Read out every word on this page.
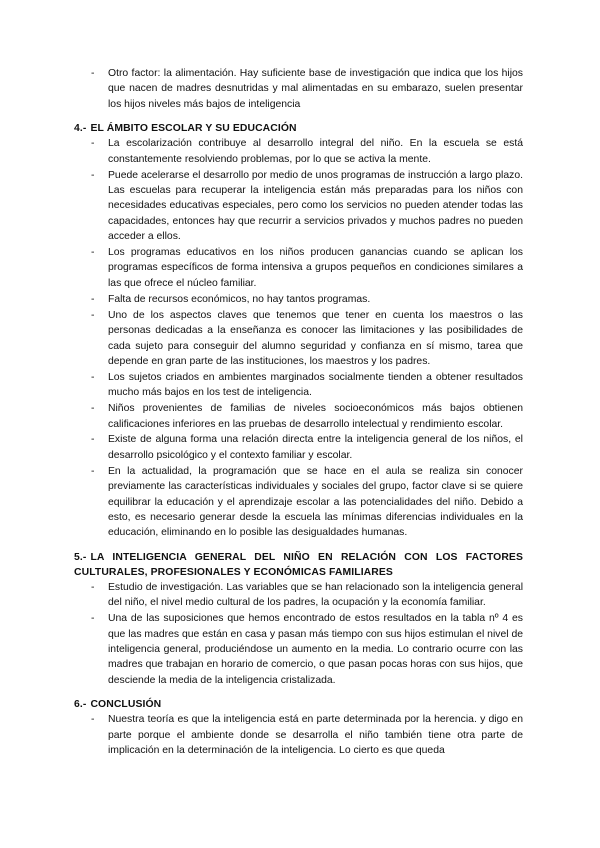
- Otro factor: la alimentación. Hay suficiente base de investigación que indica que los hijos que nacen de madres desnutridas y mal alimentadas en su embarazo, suelen presentar los hijos niveles más bajos de inteligencia
4.- EL ÁMBITO ESCOLAR Y SU EDUCACIÓN
- La escolarización contribuye al desarrollo integral del niño. En la escuela se está constantemente resolviendo problemas, por lo que se activa la mente.
- Puede acelerarse el desarrollo por medio de unos programas de instrucción a largo plazo. Las escuelas para recuperar la inteligencia están más preparadas para los niños con necesidades educativas especiales, pero como los servicios no pueden atender todas las capacidades, entonces hay que recurrir a servicios privados y muchos padres no pueden acceder a ellos.
- Los programas educativos en los niños producen ganancias cuando se aplican los programas específicos de forma intensiva a grupos pequeños en condiciones similares a las que ofrece el núcleo familiar.
- Falta de recursos económicos, no hay tantos programas.
- Uno de los aspectos claves que tenemos que tener en cuenta los maestros o las personas dedicadas a la enseñanza es conocer las limitaciones y las posibilidades de cada sujeto para conseguir del alumno seguridad y confianza en sí mismo, tarea que depende en gran parte de las instituciones, los maestros y los padres.
- Los sujetos criados en ambientes marginados socialmente tienden a obtener resultados mucho más bajos en los test de inteligencia.
- Niños provenientes de familias de niveles socioeconómicos más bajos obtienen calificaciones inferiores en las pruebas de desarrollo intelectual y rendimiento escolar.
- Existe de alguna forma una relación directa entre la inteligencia general de los niños, el desarrollo psicológico y el contexto familiar y escolar.
- En la actualidad, la programación que se hace en el aula se realiza sin conocer previamente las características individuales y sociales del grupo, factor clave si se quiere equilibrar la educación y el aprendizaje escolar a las potencialidades del niño. Debido a esto, es necesario generar desde la escuela las mínimas diferencias individuales en la educación, eliminando en lo posible las desigualdades humanas.
5.- LA INTELIGENCIA GENERAL DEL NIÑO EN RELACIÓN CON LOS FACTORES CULTURALES, PROFESIONALES Y ECONÓMICAS FAMILIARES
- Estudio de investigación. Las variables que se han relacionado son la inteligencia general del niño, el nivel medio cultural de los padres, la ocupación y la economía familiar.
- Una de las suposiciones que hemos encontrado de estos resultados en la tabla nº 4 es que las madres que están en casa y pasan más tiempo con sus hijos estimulan el nivel de inteligencia general, produciéndose un aumento en la media. Lo contrario ocurre con las madres que trabajan en horario de comercio, o que pasan pocas horas con sus hijos, que desciende la media de la inteligencia cristalizada.
6.- CONCLUSIÓN
- Nuestra teoría es que la inteligencia está en parte determinada por la herencia. y digo en parte porque el ambiente donde se desarrolla el niño también tiene otra parte de implicación en la determinación de la inteligencia. Lo cierto es que queda
